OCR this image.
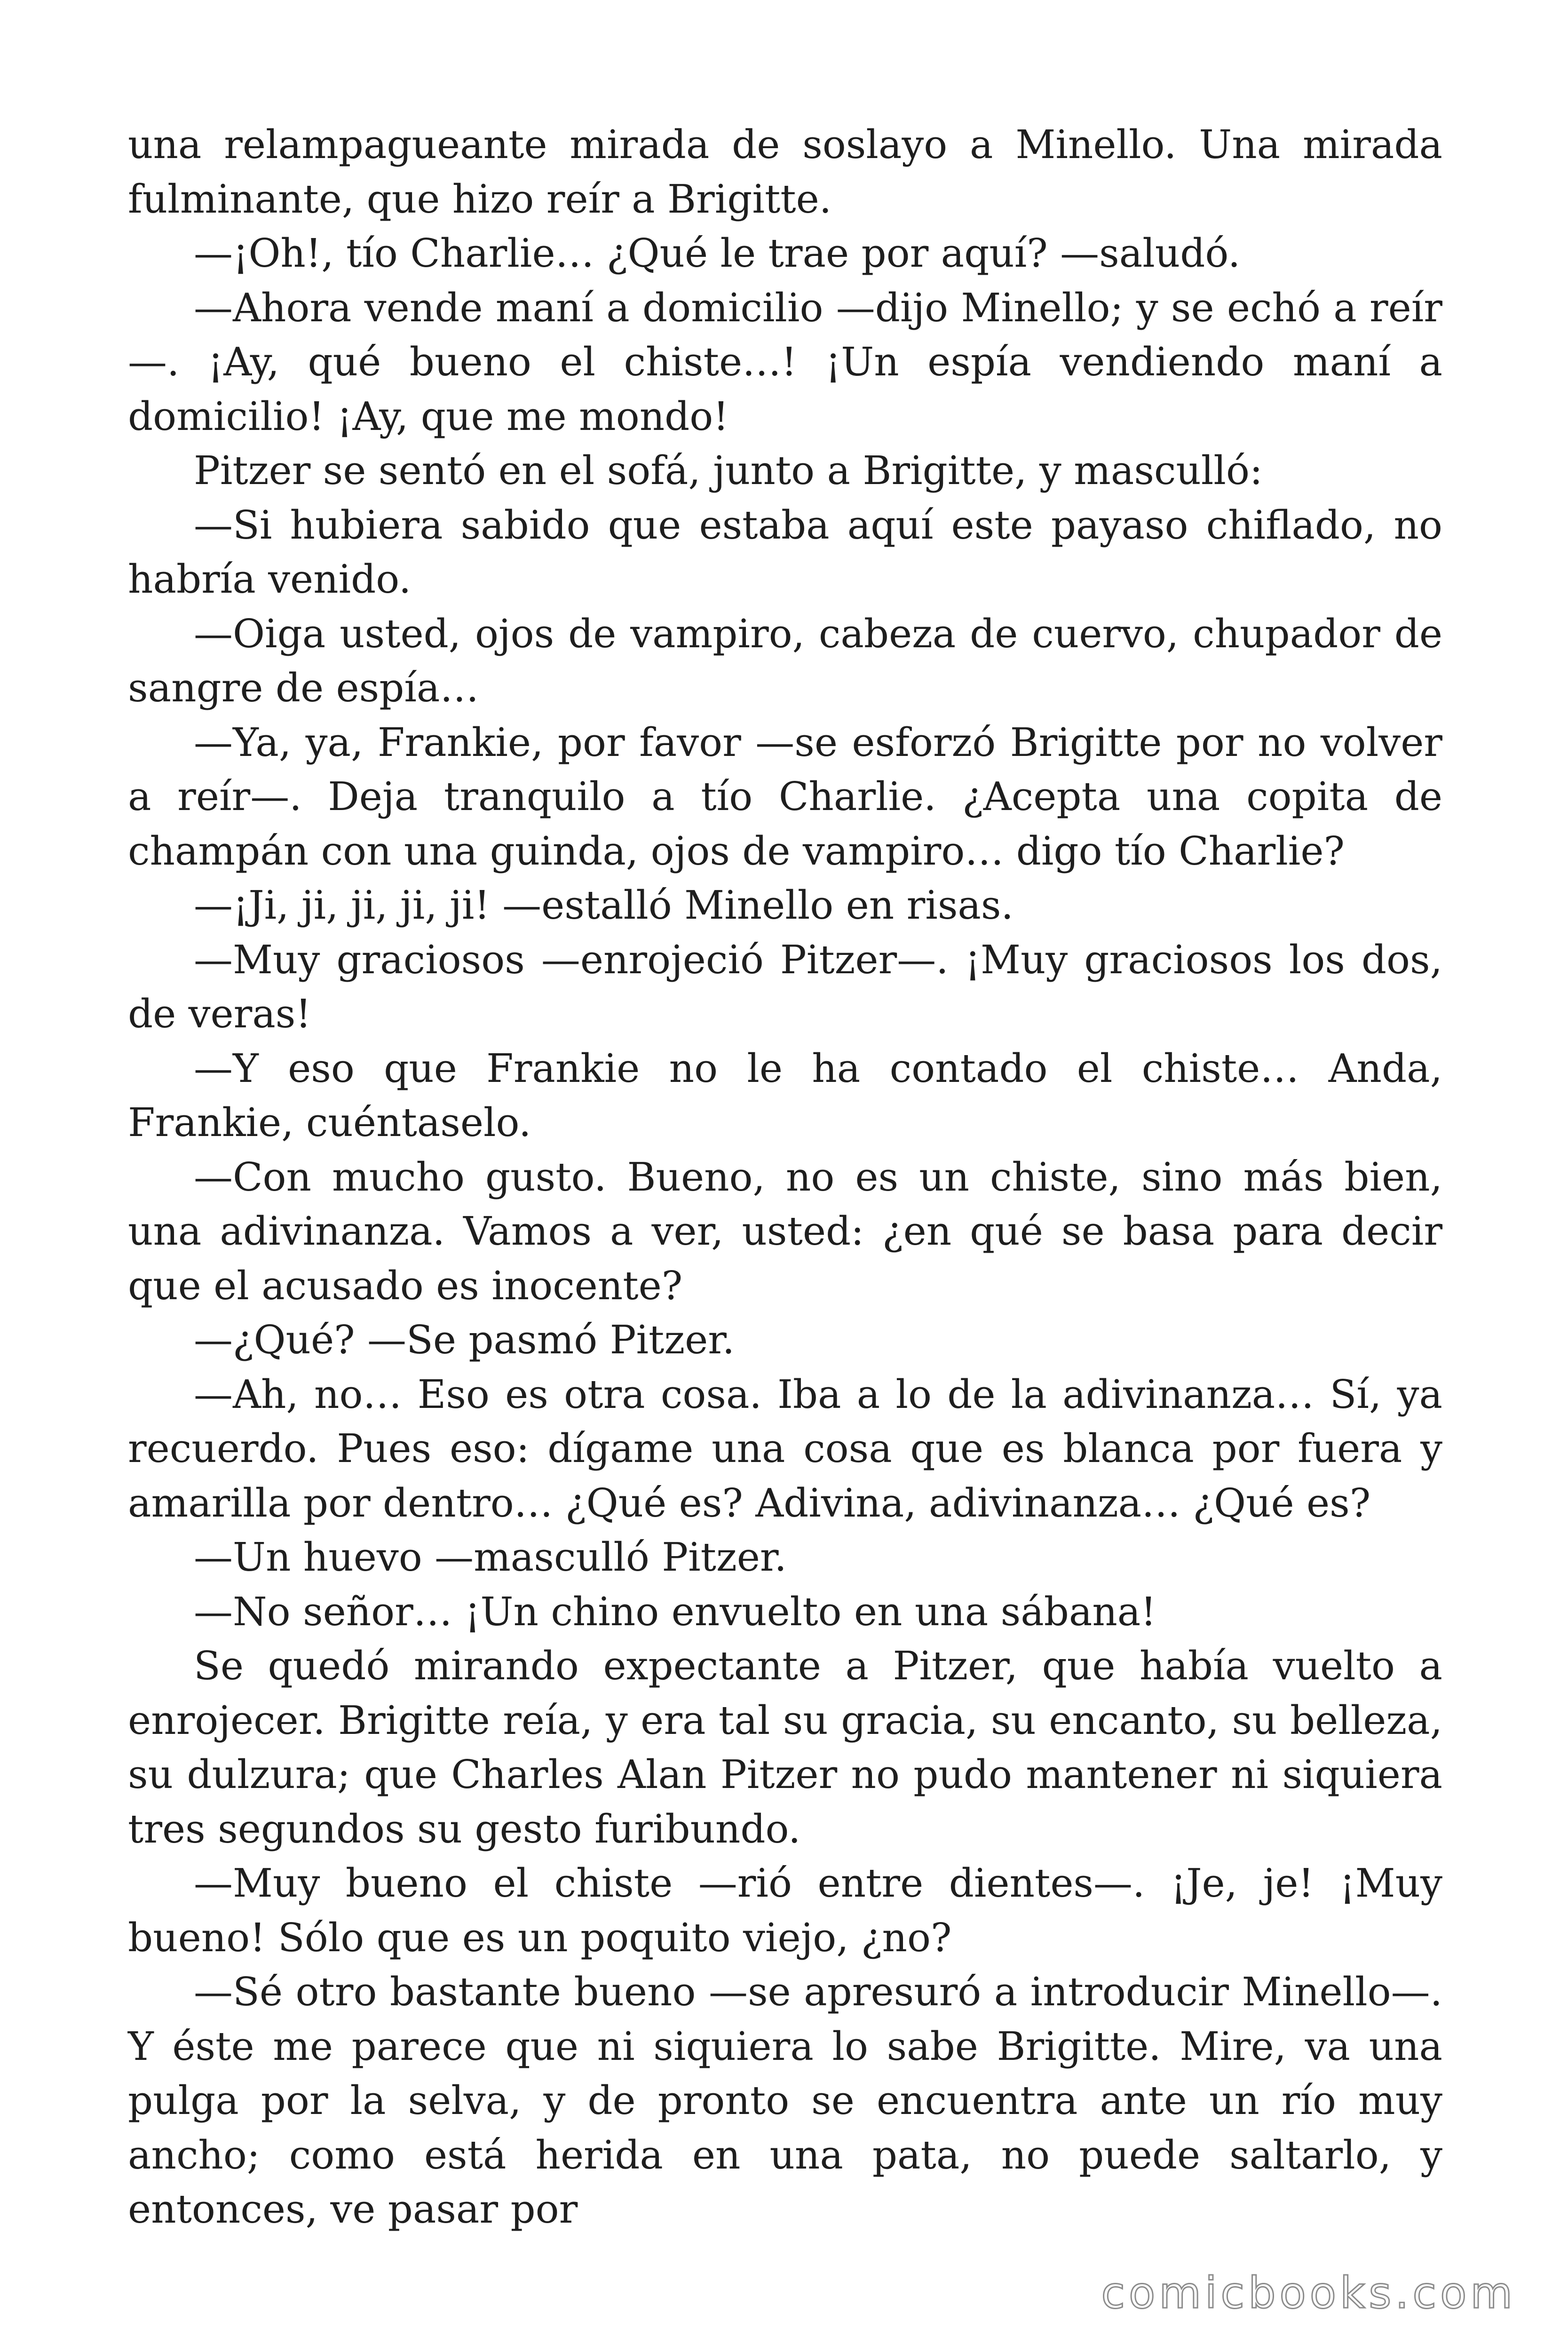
una relampagueante mirada de soslayo a Minello. Una mirada fulminante, que hizo reír a Brigitte.

—¡Oh!, tío Charlie… ¿Qué le trae por aquí? —saludó.

—Ahora vende maní a domicilio —dijo Minello; y se echó a reír —. ¡Ay, qué bueno el chiste…! ¡Un espía vendiendo maní a domicilio! ¡Ay, que me mondo!

Pitzer se sentó en el sofá, junto a Brigitte, y mascullό:

—Si hubiera sabido que estaba aquí este payaso chiflado, no habría venido.

—Oiga usted, ojos de vampiro, cabeza de cuervo, chupador de sangre de espía…

—Ya, ya, Frankie, por favor —se esforzó Brigitte por no volver a reír—. Deja tranquilo a tío Charlie. ¿Acepta una copita de champán con una guinda, ojos de vampiro… digo tío Charlie?

—¡Ji, ji, ji, ji, ji! —estalló Minello en risas.

—Muy graciosos —enrojeció Pitzer—. ¡Muy graciosos los dos, de veras!

—Y eso que Frankie no le ha contado el chiste… Anda, Frankie, cuéntaselo.

—Con mucho gusto. Bueno, no es un chiste, sino más bien, una adivinanza. Vamos a ver, usted: ¿en qué se basa para decir que el acusado es inocente?

—¿Qué? —Se pasmó Pitzer.

—Ah, no… Eso es otra cosa. Iba a lo de la adivinanza… Sí, ya recuerdo. Pues eso: dígame una cosa que es blanca por fuera y amarilla por dentro… ¿Qué es? Adivina, adivinanza… ¿Qué es?

—Un huevo —mascullό Pitzer.

—No señor… ¡Un chino envuelto en una sábana!

Se quedó mirando expectante a Pitzer, que había vuelto a enrojecer. Brigitte reía, y era tal su gracia, su encanto, su belleza, su dulzura; que Charles Alan Pitzer no pudo mantener ni siquiera tres segundos su gesto furibundo.

—Muy bueno el chiste —rió entre dientes—. ¡Je, je! ¡Muy bueno! Sólo que es un poquito viejo, ¿no?

—Sé otro bastante bueno —se apresuró a introducir Minello—. Y éste me parece que ni siquiera lo sabe Brigitte. Mire, va una pulga por la selva, y de pronto se encuentra ante un río muy ancho; como está herida en una pata, no puede saltarlo, y entonces, ve pasar por

comicbooks.com
